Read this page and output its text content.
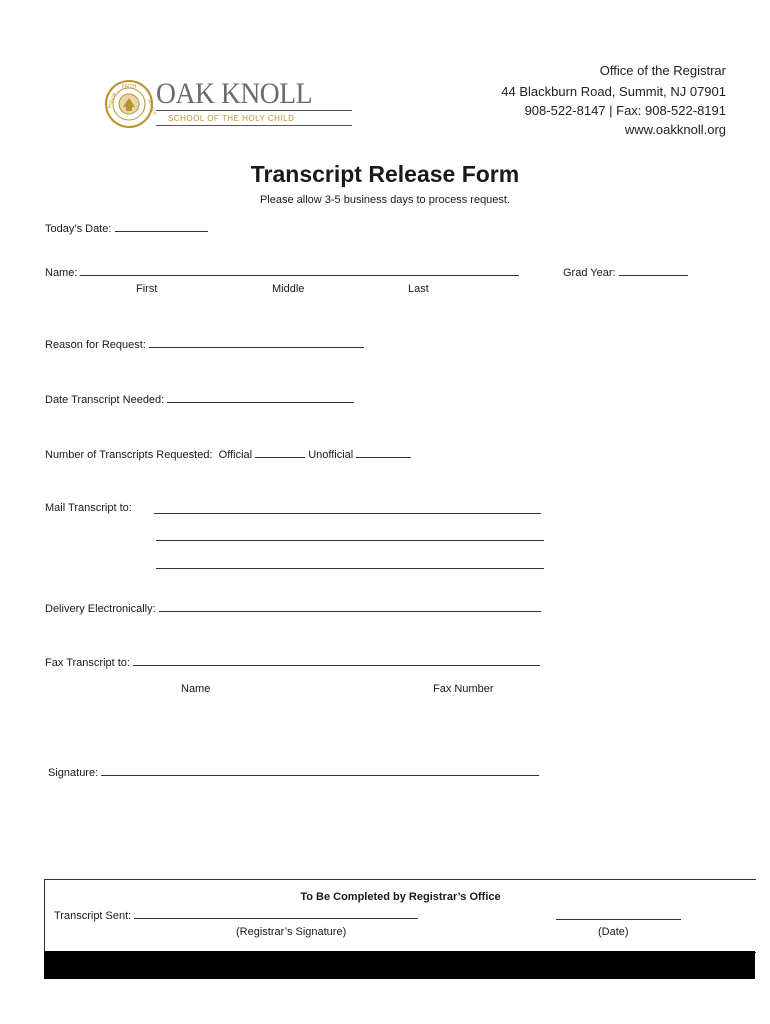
FAITH
WISDOM	SERVICE
OAK KNOLL
SCHOOL OF THE HOLY CHILD
Office of the Registrar
44 Blackburn Road, Summit, NJ 07901
908-522-8147 | Fax: 908-522-8191
www.oakknoll.org
Transcript Release Form
Please allow 3-5 business days to process request.
Today’s Date:
Name:	Grad Year:
First	Middle	Last
Reason for Request:
Date Transcript Needed:
Number of Transcripts Requested: Official	Unofficial
Mail Transcript to:
Delivery Electronically:
Fax Transcript to:
Name	Fax Number
Signature:
To Be Completed by Registrar’s Office
Transcript Sent:
(Registrar’s Signature)	(Date)
